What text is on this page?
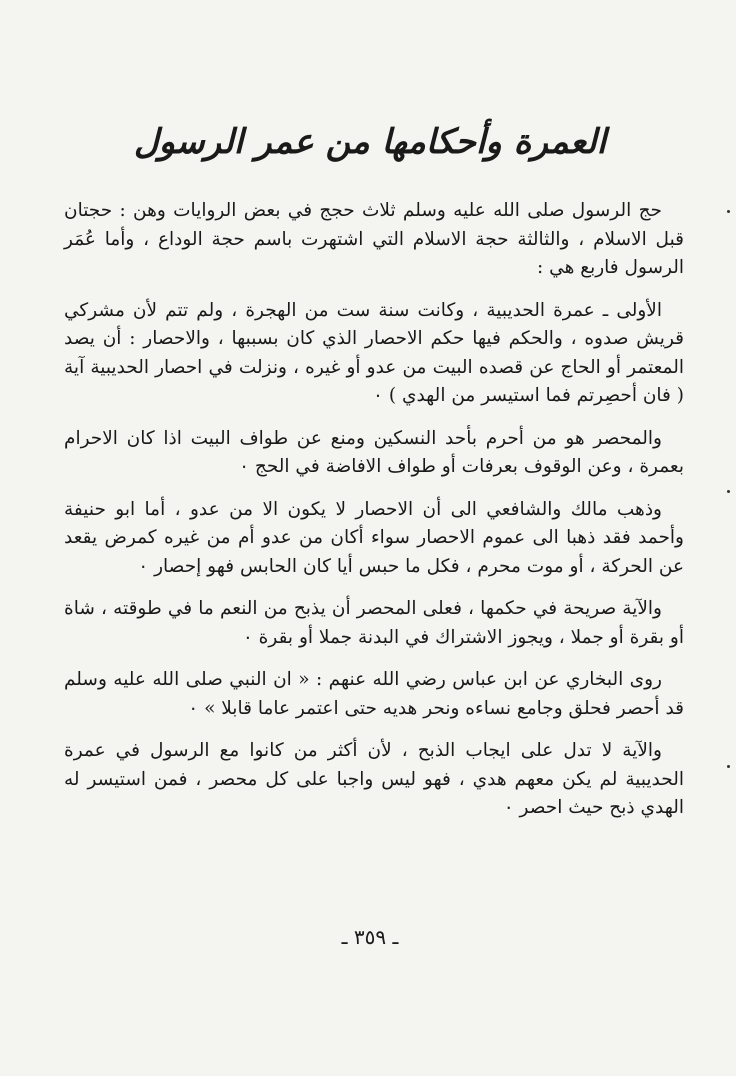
العمرة وأحكامها من عمر الرسول

حج الرسول صلى الله عليه وسلم ثلاث حجج في بعض الروايات وهن : حجتان قبل الاسلام ، والثالثة حجة الاسلام التي اشتهرت باسم حجة الوداع ، وأما عُمَر الرسول فاربع هي :

الأولى ـ عمرة الحديبية ، وكانت سنة ست من الهجرة ، ولم تتم لأن مشركي قريش صدوه ، والحكم فيها حكم الاحصار الذي كان بسببها ، والاحصار : أن يصد المعتمر أو الحاج عن قصده البيت من عدو أو غيره ، ونزلت في احصار الحديبية آية ( فان أحصِرتم فما استيسر من الهدي ) ٠

والمحصر هو من أحرم بأحد النسكين ومنع عن طواف البيت اذا كان الاحرام بعمرة ، وعن الوقوف بعرفات أو طواف الافاضة في الحج ٠

وذهب مالك والشافعي الى أن الاحصار لا يكون الا من عدو ، أما ابو حنيفة وأحمد فقد ذهبا الى عموم الاحصار سواء أكان من عدو أم من غيره كمرض يقعد عن الحركة ، أو موت محرم ، فكل ما حبس أيا كان الحابس فهو إحصار ٠

والآية صريحة في حكمها ، فعلى المحصر أن يذبح من النعم ما في طوقته ، شاة أو بقرة أو جملا ، ويجوز الاشتراك في البدنة جملا أو بقرة ٠

روى البخاري عن ابن عباس رضي الله عنهم : « ان النبي صلى الله عليه وسلم قد أحصر فحلق وجامع نساءه ونحر هديه حتى اعتمر عاما قابلا » ٠

والآية لا تدل على ايجاب الذبح ، لأن أكثر من كانوا مع الرسول في عمرة الحديبية لم يكن معهم هدي ، فهو ليس واجبا على كل محصر ، فمن استيسر له الهدي ذبح حيث احصر ٠

ـ ٣٥٩ ـ
